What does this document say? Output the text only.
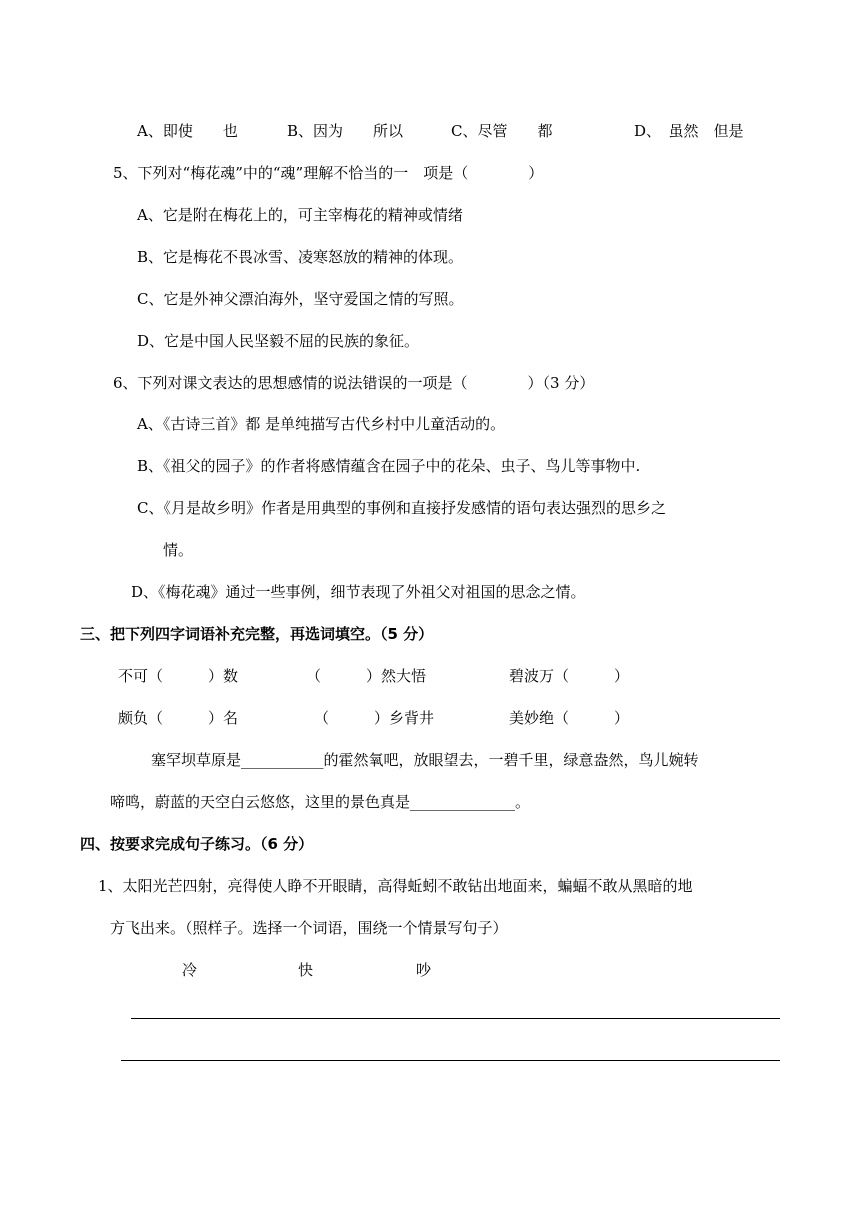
A、即使　　也	B、因为　　所以	C、尽管　　都	D、　虽然　但是
5、下列对“梅花魂”中的“魂”理解不恰当的一　项是（　　　　）
A、它是附在梅花上的，可主宰梅花的精神或情绪
B、它是梅花不畏冰雪、凌寒怒放的精神的体现。
C、它是外神父漂泊海外，坚守爱国之情的写照。
D、它是中国人民坚毅不屈的民族的象征。
6、下列对课文表达的思想感情的说法错误的一项是（　　　　）（3 分）
A、《古诗三首》都 是单纯描写古代乡村中儿童活动的。
B、《祖父的园子》的作者将感情蕴含在园子中的花朵、虫子、鸟儿等事物中.
C、《月是故乡明》作者是用典型的事例和直接抒发感情的语句表达强烈的思乡之
情。
D、《梅花魂》通过一些事例，细节表现了外祖父对祖国的思念之情。
三、把下列四字词语补充完整，再选词填空。（5 分）
不可（　　　）数	（　　　）然大悟	碧波万（　　　）
颇负（　　　）名	（　　　）乡背井	美妙绝（　　　）
塞罕坝草原是___________的霍然氧吧，放眼望去，一碧千里，绿意盎然，鸟儿婉转
啼鸣，蔚蓝的天空白云悠悠，这里的景色真是______________。
四、按要求完成句子练习。（6 分）
1、太阳光芒四射，亮得使人睁不开眼睛，高得蚯蚓不敢钻出地面来，蝙蝠不敢从黑暗的地
方飞出来。（照样子。选择一个词语，围绕一个情景写句子）
冷	快	吵
